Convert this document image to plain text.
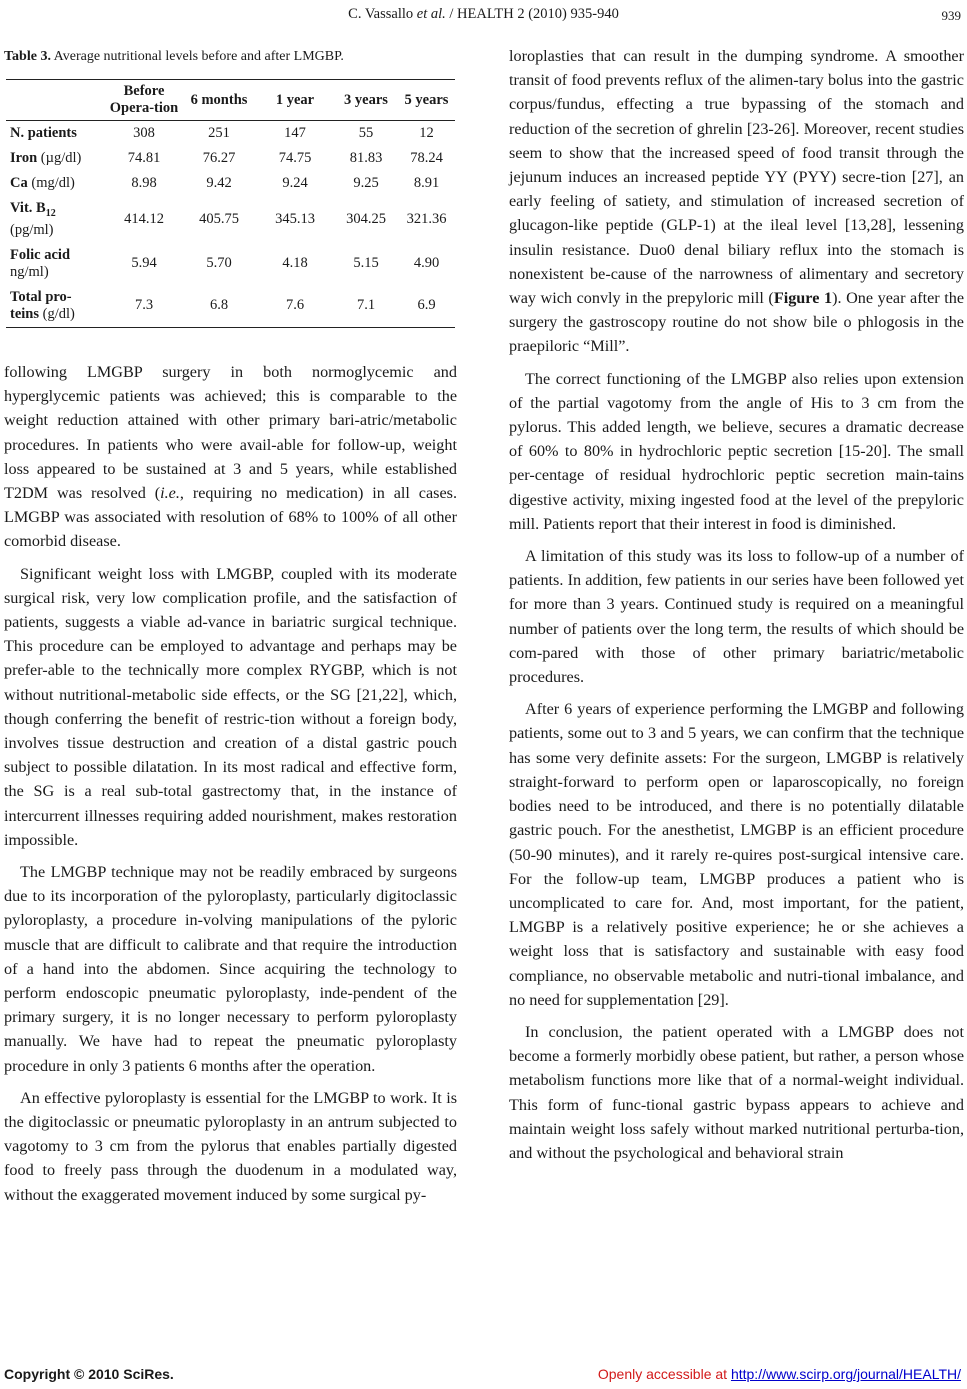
C. Vassallo et al. / HEALTH 2 (2010) 935-940	939
Table 3. Average nutritional levels before and after LMGBP.
	Before Opera-tion	6 months	1 year	3 years	5 years
N. patients	308	251	147	55	12
Iron (µg/dl)	74.81	76.27	74.75	81.83	78.24
Ca (mg/dl)	8.98	9.42	9.24	9.25	8.91
Vit. $B_{12}$
(pg/ml)	414.12	405.75	345.13	304.25	321.36
Folic acid
ng/ml)	5.94	5.70	4.18	5.15	4.90
Total pro-
teins (g/dl)	7.3	6.8	7.6	7.1	6.9

following LMGBP surgery in both normoglycemic and hyperglycemic patients was achieved; this is comparable to the weight reduction attained with other primary bari-atric/metabolic procedures. In patients who were avail-able for follow-up, weight loss appeared to be sustained at 3 and 5 years, while established T2DM was resolved (i.e., requiring no medication) in all cases. LMGBP was associated with resolution of 68% to 100% of all other comorbid disease.

Significant weight loss with LMGBP, coupled with its moderate surgical risk, very low complication profile, and the satisfaction of patients, suggests a viable ad-vance in bariatric surgical technique. This procedure can be employed to advantage and perhaps may be prefer-able to the technically more complex RYGBP, which is not without nutritional-metabolic side effects, or the SG [21,22], which, though conferring the benefit of restric-tion without a foreign body, involves tissue destruction and creation of a distal gastric pouch subject to possible dilatation. In its most radical and effective form, the SG is a real sub-total gastrectomy that, in the instance of intercurrent illnesses requiring added nourishment, makes restoration impossible.

The LMGBP technique may not be readily embraced by surgeons due to its incorporation of the pyloroplasty, particularly digitoclassic pyloroplasty, a procedure in-volving manipulations of the pyloric muscle that are difficult to calibrate and that require the introduction of a hand into the abdomen. Since acquiring the technology to perform endoscopic pneumatic pyloroplasty, inde-pendent of the primary surgery, it is no longer necessary to perform pyloroplasty manually. We have had to repeat the pneumatic pyloroplasty procedure in only 3 patients 6 months after the operation.

An effective pyloroplasty is essential for the LMGBP to work. It is the digitoclassic or pneumatic pyloroplasty in an antrum subjected to vagotomy to 3 cm from the pylorus that enables partially digested food to freely pass through the duodenum in a modulated way, without the exaggerated movement induced by some surgical py-

loroplasties that can result in the dumping syndrome. A smoother transit of food prevents reflux of the alimen-tary bolus into the gastric corpus/fundus, effecting a true bypassing of the stomach and reduction of the secretion of ghrelin [23-26]. Moreover, recent studies seem to show that the increased speed of food transit through the jejunum induces an increased peptide YY (PYY) secre-tion [27], an early feeling of satiety, and stimulation of increased secretion of glucagon-like peptide (GLP-1) at the ileal level [13,28], lessening insulin resistance. Duo0 denal biliary reflux into the stomach is nonexistent be-cause of the narrowness of alimentary and secretory way wich convly in the prepyloric mill (Figure 1). One year after the surgery the gastroscopy routine do not show bile o phlogosis in the praepiloric “Mill”.

The correct functioning of the LMGBP also relies upon extension of the partial vagotomy from the angle of His to 3 cm from the pylorus. This added length, we believe, secures a dramatic decrease of 60% to 80% in hydrochloric peptic secretion [15-20]. The small per-centage of residual hydrochloric peptic secretion main-tains digestive activity, mixing ingested food at the level of the prepyloric mill. Patients report that their interest in food is diminished.

A limitation of this study was its loss to follow-up of a number of patients. In addition, few patients in our series have been followed yet for more than 3 years. Continued study is required on a meaningful number of patients over the long term, the results of which should be com-pared with those of other primary bariatric/metabolic procedures.

After 6 years of experience performing the LMGBP and following patients, some out to 3 and 5 years, we can confirm that the technique has some very definite assets: For the surgeon, LMGBP is relatively straight-forward to perform open or laparoscopically, no foreign bodies need to be introduced, and there is no potentially dilatable gastric pouch. For the anesthetist, LMGBP is an efficient procedure (50-90 minutes), and it rarely re-quires post-surgical intensive care. For the follow-up team, LMGBP produces a patient who is uncomplicated to care for. And, most important, for the patient, LMGBP is a relatively positive experience; he or she achieves a weight loss that is satisfactory and sustainable with easy food compliance, no observable metabolic and nutri-tional imbalance, and no need for supplementation [29].

In conclusion, the patient operated with a LMGBP does not become a formerly morbidly obese patient, but rather, a person whose metabolism functions more like that of a normal-weight individual. This form of func-tional gastric bypass appears to achieve and maintain weight loss safely without marked nutritional perturba-tion, and without the psychological and behavioral strain

Copyright © 2010 SciRes.	Openly accessible at http://www.scirp.org/journal/HEALTH/
